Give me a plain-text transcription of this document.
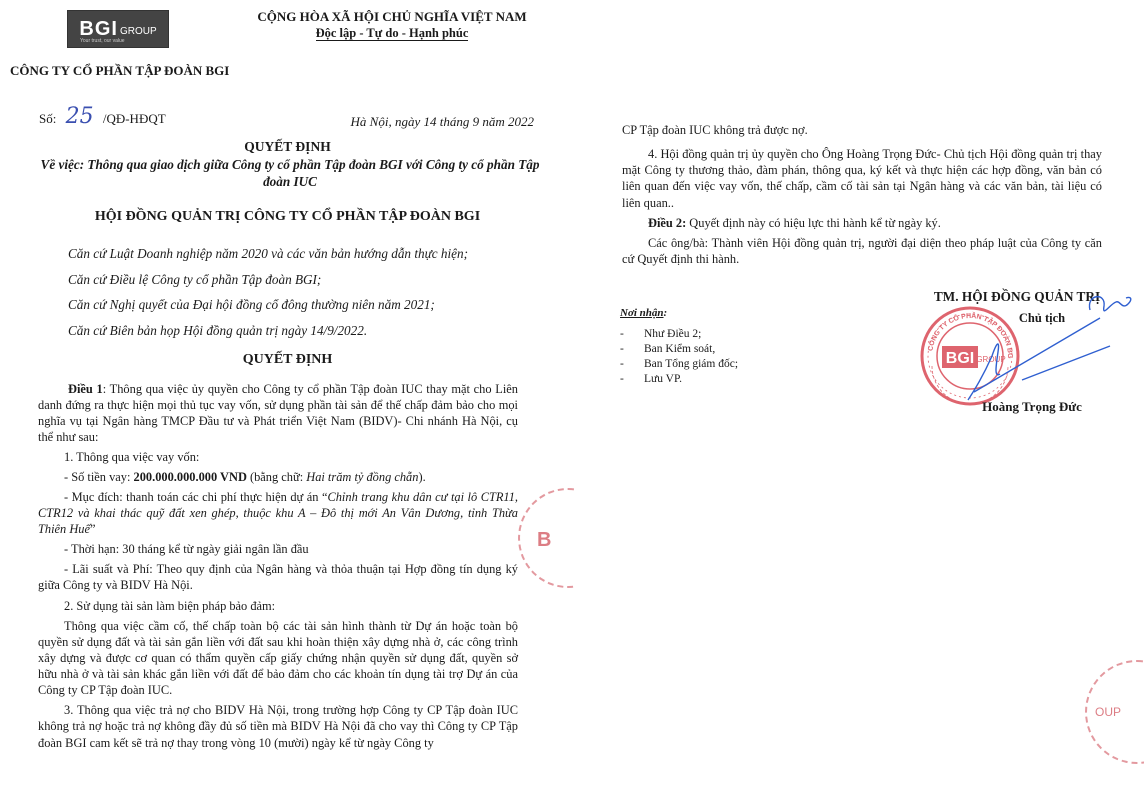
BGI GROUP
Your trust, our value
CỘNG HÒA XÃ HỘI CHỦ NGHĨA VIỆT NAM
Độc lập - Tự do - Hạnh phúc
CÔNG TY CỔ PHẦN TẬP ĐOÀN BGI
Số: 25 /QĐ-HĐQT	Hà Nội, ngày 14 tháng 9 năm 2022
QUYẾT ĐỊNH
Về việc: Thông qua giao dịch giữa Công ty cổ phần Tập đoàn BGI với Công ty cổ phần Tập đoàn IUC
HỘI ĐỒNG QUẢN TRỊ CÔNG TY CỔ PHẦN TẬP ĐOÀN BGI
Căn cứ Luật Doanh nghiệp năm 2020 và các văn bản hướng dẫn thực hiện;
Căn cứ Điều lệ Công ty cổ phần Tập đoàn BGI;
Căn cứ Nghị quyết của Đại hội đồng cổ đông thường niên năm 2021;
Căn cứ Biên bản họp Hội đồng quản trị ngày 14/9/2022.
QUYẾT ĐỊNH

Điều 1: Thông qua việc ủy quyền cho Công ty cổ phần Tập đoàn IUC thay mặt cho Liên danh đứng ra thực hiện mọi thủ tục vay vốn, sử dụng phần tài sản để thế chấp đảm bảo cho mọi nghĩa vụ tại Ngân hàng TMCP Đầu tư và Phát triển Việt Nam (BIDV)- Chi nhánh Hà Nội, cụ thể như sau:

1. Thông qua việc vay vốn:

- Số tiền vay: 200.000.000.000 VND (bằng chữ: Hai trăm tỷ đồng chẵn).

- Mục đích: thanh toán các chi phí thực hiện dự án “Chỉnh trang khu dân cư tại lô CTR11, CTR12 và khai thác quỹ đất xen ghép, thuộc khu A – Đô thị mới An Vân Dương, tỉnh Thừa Thiên Huế”

- Thời hạn: 30 tháng kể từ ngày giải ngân lần đầu

- Lãi suất và Phí: Theo quy định của Ngân hàng và thỏa thuận tại Hợp đồng tín dụng ký giữa Công ty và BIDV Hà Nội.

2. Sử dụng tài sản làm biện pháp bảo đảm:

Thông qua việc cầm cố, thế chấp toàn bộ các tài sản hình thành từ Dự án hoặc toàn bộ quyền sử dụng đất và tài sản gắn liền với đất sau khi hoàn thiện xây dựng nhà ở, các công trình xây dựng và được cơ quan có thẩm quyền cấp giấy chứng nhận quyền sử dụng đất, quyền sở hữu nhà ở và tài sản khác gắn liền với đất để bảo đảm cho các khoản tín dụng tài trợ Dự án của Công ty CP Tập đoàn IUC.

3. Thông qua việc trả nợ cho BIDV Hà Nội, trong trường hợp Công ty CP Tập đoàn IUC không trả nợ hoặc trả nợ không đầy đủ số tiền mà BIDV Hà Nội đã cho vay thì Công ty CP Tập đoàn BGI cam kết sẽ trả nợ thay trong vòng 10 (mười) ngày kể từ ngày Công ty

B

CP Tập đoàn IUC không trả được nợ.

4. Hội đồng quản trị ủy quyền cho Ông Hoàng Trọng Đức- Chủ tịch Hội đồng quản trị thay mặt Công ty thương thảo, đàm phán, thông qua, ký kết và thực hiện các hợp đồng, văn bản có liên quan đến việc vay vốn, thế chấp, cầm cố tài sản tại Ngân hàng và các văn bản, tài liệu có liên quan..

Điều 2: Quyết định này có hiệu lực thi hành kể từ ngày ký.

Các ông/bà: Thành viên Hội đồng quản trị, người đại diện theo pháp luật của Công ty căn cứ Quyết định thi hành.

Nơi nhận:
- Như Điều 2;
- Ban Kiểm soát,
- Ban Tổng giám đốc;
- Lưu VP.
TM. HỘI ĐỒNG QUẢN TRỊ
Chủ tịch
BGI GROUP
CÔNG TY CỔ PHẦN TẬP ĐOÀN BG
Hoàng Trọng Đức
OUP
